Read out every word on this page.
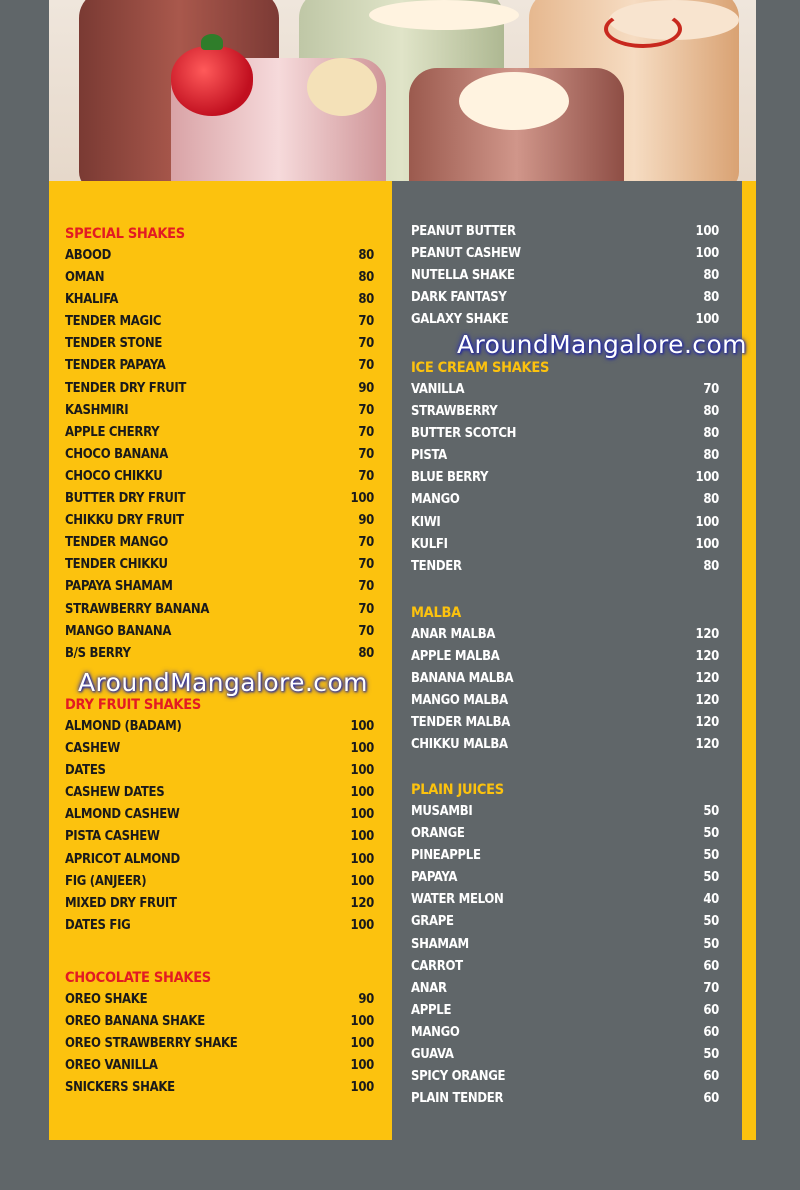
SPECIAL SHAKES
ABOOD	80
OMAN	80
KHALIFA	80
TENDER MAGIC	70
TENDER STONE	70
TENDER PAPAYA	70
TENDER DRY FRUIT	90
KASHMIRI	70
APPLE CHERRY	70
CHOCO BANANA	70
CHOCO CHIKKU	70
BUTTER DRY FRUIT	100
CHIKKU DRY FRUIT	90
TENDER MANGO	70
TENDER CHIKKU	70
PAPAYA SHAMAM	70
STRAWBERRY BANANA	70
MANGO BANANA	70
B/S BERRY	80
DRY FRUIT SHAKES
ALMOND (BADAM)	100
CASHEW	100
DATES	100
CASHEW DATES	100
ALMOND CASHEW	100
PISTA CASHEW	100
APRICOT ALMOND	100
FIG (ANJEER)	100
MIXED DRY FRUIT	120
DATES FIG	100
CHOCOLATE SHAKES
OREO SHAKE	90
OREO BANANA SHAKE	100
OREO STRAWBERRY SHAKE	100
OREO VANILLA	100
SNICKERS SHAKE	100
PEANUT BUTTER	100
PEANUT CASHEW	100
NUTELLA SHAKE	80
DARK FANTASY	80
GALAXY SHAKE	100
ICE CREAM SHAKES
VANILLA	70
STRAWBERRY	80
BUTTER SCOTCH	80
PISTA	80
BLUE BERRY	100
MANGO	80
KIWI	100
KULFI	100
TENDER	80
MALBA
ANAR MALBA	120
APPLE MALBA	120
BANANA MALBA	120
MANGO MALBA	120
TENDER MALBA	120
CHIKKU MALBA	120
PLAIN JUICES
MUSAMBI	50
ORANGE	50
PINEAPPLE	50
PAPAYA	50
WATER MELON	40
GRAPE	50
SHAMAM	50
CARROT	60
ANAR	70
APPLE	60
MANGO	60
GUAVA	50
SPICY ORANGE	60
PLAIN TENDER	60
AroundMangalore.com
AroundMangalore.com
